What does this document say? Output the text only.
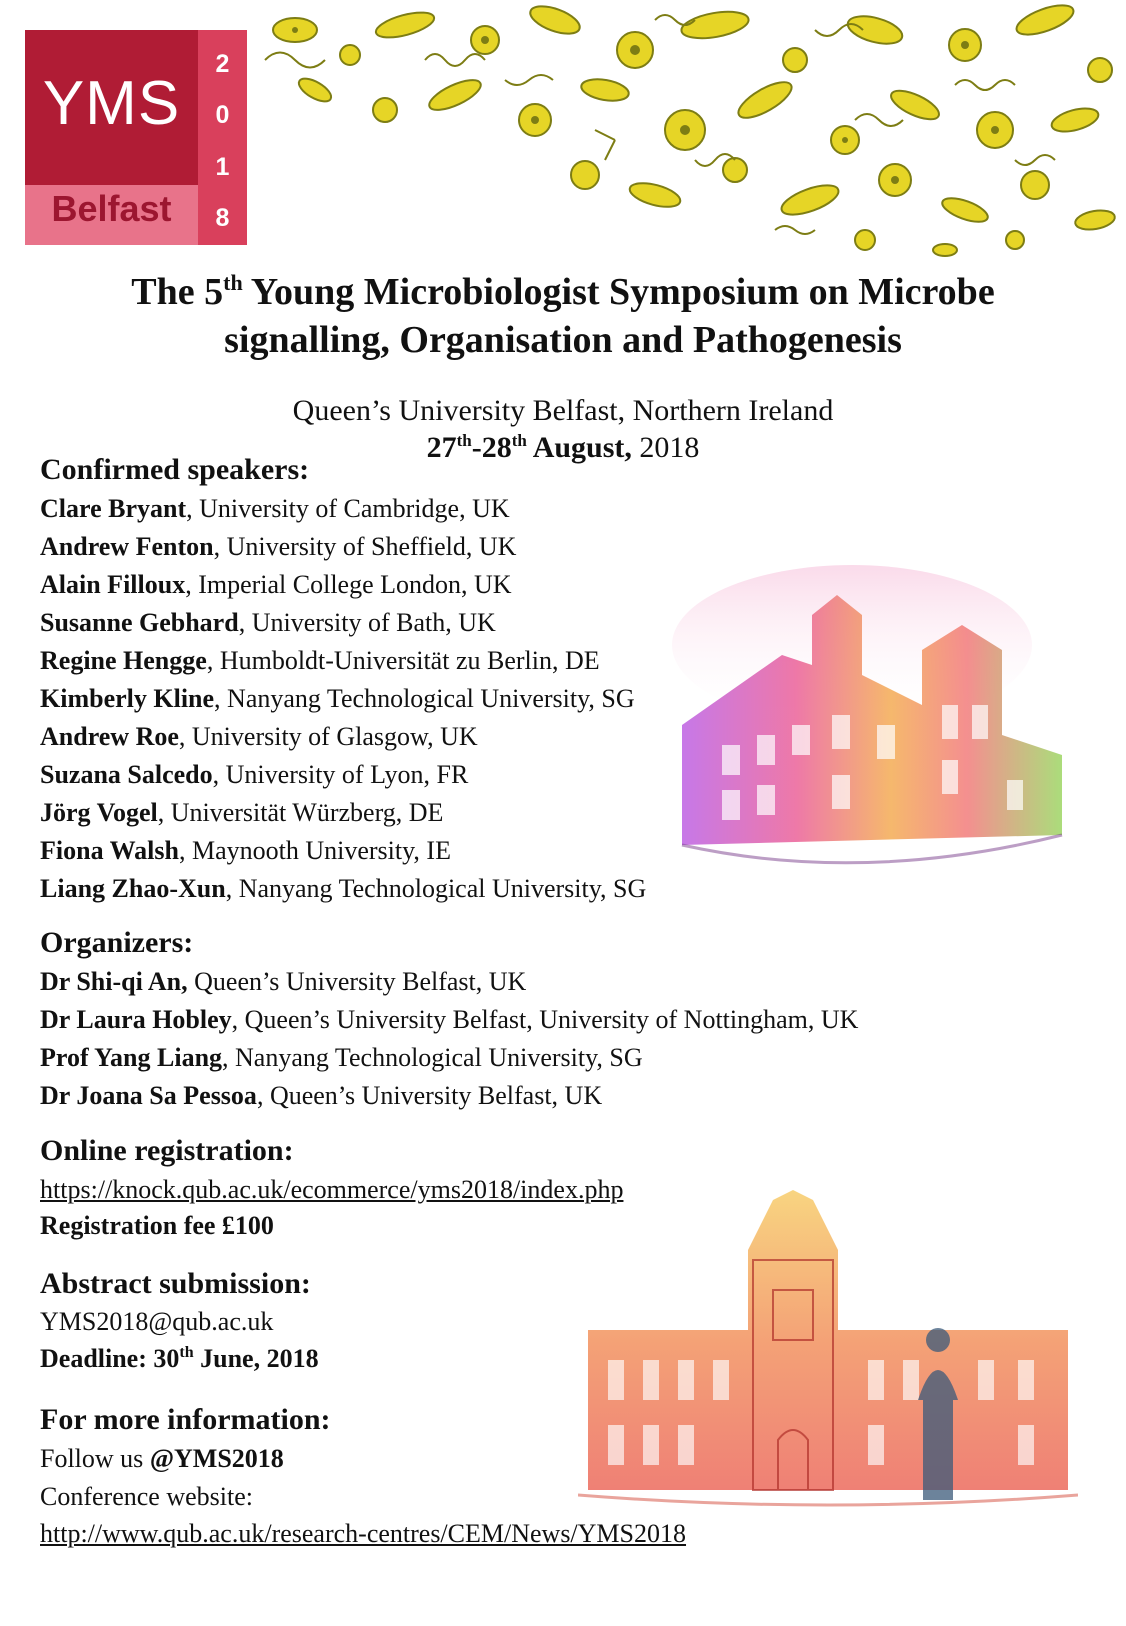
YMS
Belfast
2
0
1
8
The 5th Young Microbiologist Symposium on Microbe
signalling, Organisation and Pathogenesis
Queen’s University Belfast, Northern Ireland
27th-28th August, 2018
Confirmed speakers:
Clare Bryant, University of Cambridge, UK
Andrew Fenton, University of Sheffield, UK
Alain Filloux, Imperial College London, UK
Susanne Gebhard, University of Bath, UK
Regine Hengge, Humboldt-Universität zu Berlin, DE
Kimberly Kline, Nanyang Technological University, SG
Andrew Roe, University of Glasgow, UK
Suzana Salcedo, University of Lyon, FR
Jörg Vogel, Universität Würzberg, DE
Fiona Walsh, Maynooth University, IE
Liang Zhao-Xun, Nanyang Technological University, SG
Organizers:
Dr Shi-qi An, Queen’s University Belfast, UK
Dr Laura Hobley, Queen’s University Belfast, University of Nottingham, UK
Prof Yang Liang, Nanyang Technological University, SG
Dr Joana Sa Pessoa, Queen’s University Belfast, UK
Online registration:
https://knock.qub.ac.uk/ecommerce/yms2018/index.php
Registration fee £100
Abstract submission:
YMS2018@qub.ac.uk
Deadline: 30th June, 2018
For more information:
Follow us @YMS2018
Conference website:
http://www.qub.ac.uk/research-centres/CEM/News/YMS2018
